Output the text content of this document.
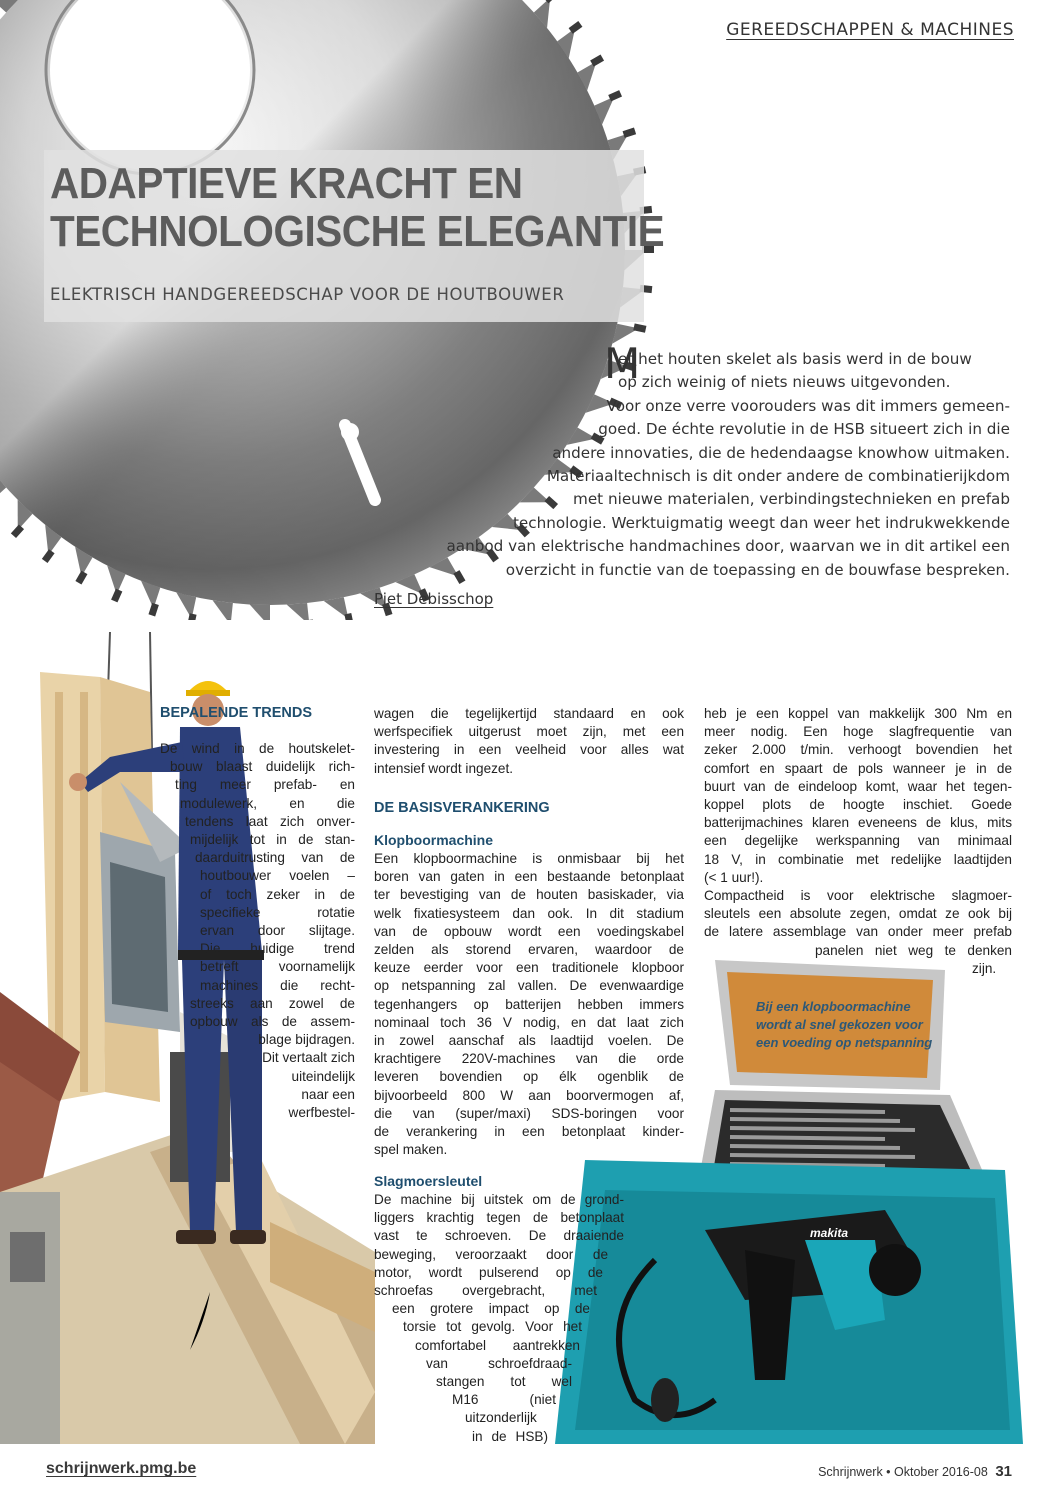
GEREEDSCHAPPEN & MACHINES
ADAPTIEVE KRACHT EN
TECHNOLOGISCHE ELEGANTIE
ELEKTRISCH HANDGEREEDSCHAP VOOR DE HOUTBOUWER
M
et het houten skelet als basis werd in de bouw
op zich weinig of niets nieuws uitgevonden.
Voor onze verre voorouders was dit immers gemeen-
goed. De échte revolutie in de HSB situeert zich in die
andere innovaties, die de hedendaagse knowhow uitmaken.
Materiaaltechnisch is dit onder andere de combinatierijkdom
met nieuwe materialen, verbindingstechnieken en prefab
technologie. Werktuigmatig weegt dan weer het indrukwekkende
aanbod van elektrische handmachines door, waarvan we in dit artikel een
overzicht in functie van de toepassing en de bouwfase bespreken.
Piet Debisschop
makita
Bij een klopboormachine wordt al snel gekozen voor een voeding op netspanning
BEPALENDE TRENDS
De wind in de houtskelet-
bouw blaast duidelijk rich-
ting meer prefab- en
modulewerk, en die
tendens laat zich onver-
mijdelijk tot in de stan-
daarduitrusting van de
houtbouwer voelen –
of toch zeker in de
specifieke rotatie
ervan door slijtage.
Die huidige trend
betreft voornamelijk
machines die recht-
streeks aan zowel de
opbouw als de assem-
blage bijdragen.
Dit vertaalt zich
uiteindelijk
naar een
werfbestel-
wagen die tegelijkertijd standaard en ook
werfspecifiek uitgerust moet zijn, met een
investering in een veelheid voor alles wat
intensief wordt ingezet.
Een klopboormachine is onmisbaar bij het
boren van gaten in een bestaande betonplaat
ter bevestiging van de houten basiskader, via
welk fixatiesysteem dan ook. In dit stadium
van de opbouw wordt een voedingskabel
zelden als storend ervaren, waardoor de
keuze eerder voor een traditionele klopboor
op netspanning zal vallen. De evenwaardige
tegenhangers op batterijen hebben immers
nominaal toch 36 V nodig, en dat laat zich
in zowel aanschaf als laadtijd voelen. De
krachtigere 220V-machines van die orde
leveren bovendien op élk ogenblik de
bijvoorbeeld 800 W aan boorvermogen af,
die van (super/maxi) SDS-boringen voor
de verankering in een betonplaat kinder-
spel maken.
De machine bij uitstek om de grond-
liggers krachtig tegen de betonplaat
vast te schroeven. De draaiende
beweging, veroorzaakt door de
motor, wordt pulserend op de
schroefas overgebracht, met
een grotere impact op de
torsie tot gevolg. Voor het
comfortabel aantrekken
van schroefdraad-
stangen tot wel
M16 (niet
uitzonderlijk
in de HSB)
DE BASISVERANKERING
Klopboormachine
Slagmoersleutel
heb je een koppel van makkelijk 300 Nm en
meer nodig. Een hoge slagfrequentie van
zeker 2.000 t/min. verhoogt bovendien het
comfort en spaart de pols wanneer je in de
buurt van de eindeloop komt, waar het tegen-
koppel plots de hoogte inschiet. Goede
batterijmachines klaren eveneens de klus, mits
een degelijke werkspanning van minimaal
18 V, in combinatie met redelijke laadtijden
(< 1 uur!).
Compactheid is voor elektrische slagmoer-
sleutels een absolute zegen, omdat ze ook bij
de latere assemblage van onder meer prefab
panelen niet weg te denken
zijn.
schrijnwerk.pmg.be	Schrijnwerk • Oktober 2016-08 31
